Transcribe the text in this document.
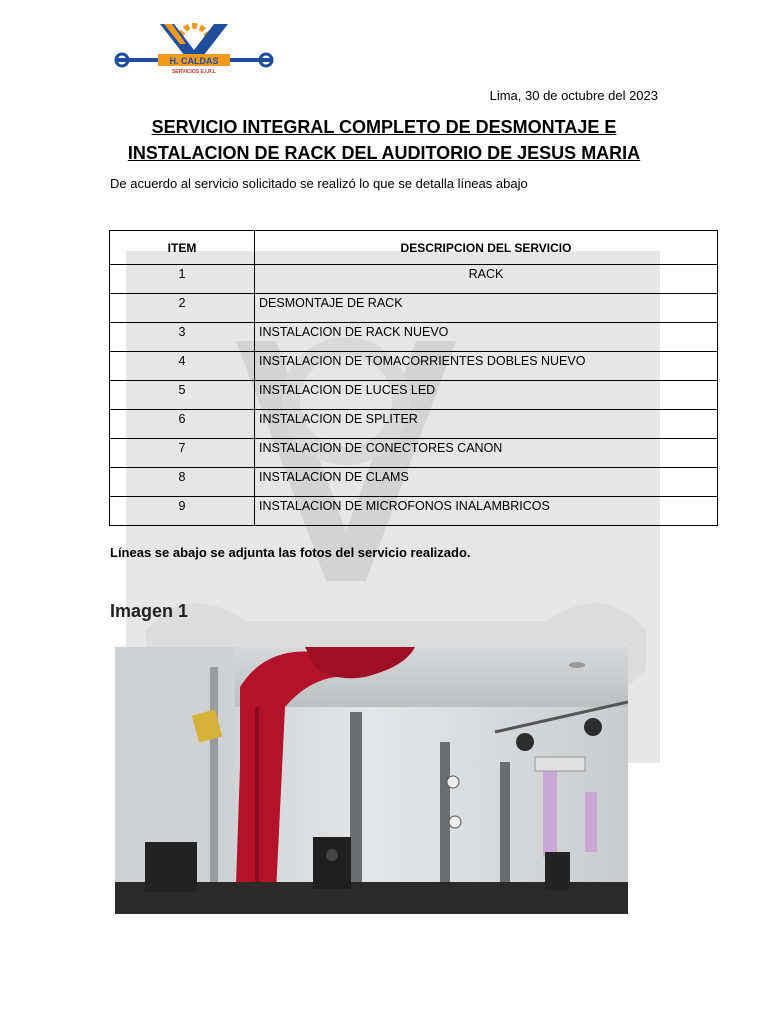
H. CALDAS
SERVICIOS E.I.R.L
Lima, 30 de octubre del 2023
SERVICIO INTEGRAL COMPLETO DE DESMONTAJE E
INSTALACION DE RACK DEL AUDITORIO DE JESUS MARIA
De acuerdo al servicio solicitado se realizó lo que se detalla líneas abajo
ITEM	DESCRIPCION DEL SERVICIO
1	RACK
2	DESMONTAJE DE RACK
3	INSTALACION DE RACK NUEVO
4	INSTALACION DE TOMACORRIENTES DOBLES NUEVO
5	INSTALACION DE LUCES LED
6	INSTALACION DE SPLITER
7	INSTALACION DE CONECTORES CANON
8	INSTALACION DE CLAMS
9	INSTALACION DE MICROFONOS INALAMBRICOS
Líneas se abajo se adjunta las fotos del servicio realizado.
Imagen 1
